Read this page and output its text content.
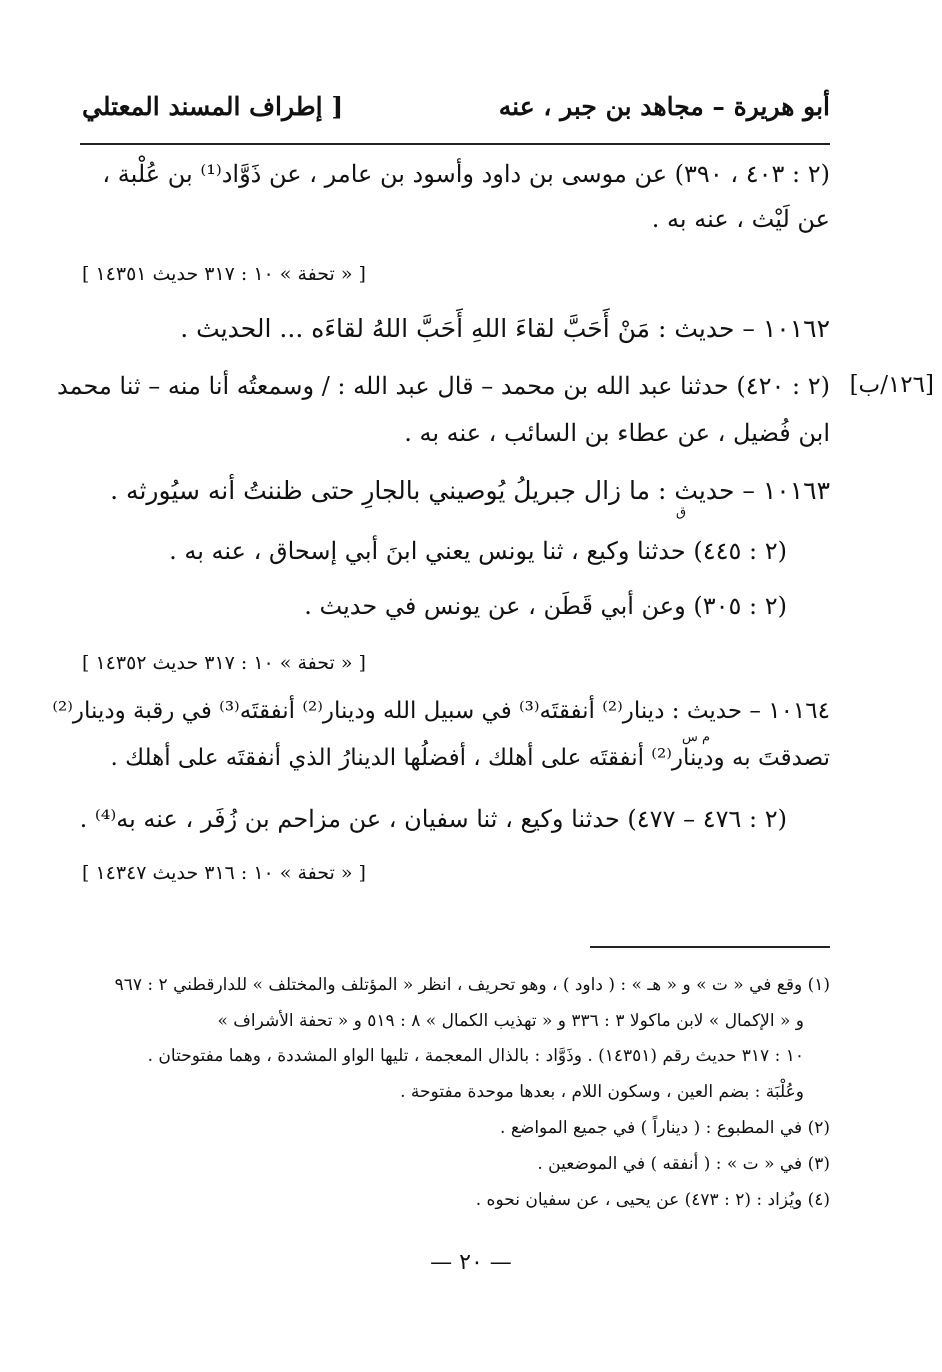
أبو هريرة – مجاهد بن جبر ، عنه
[ إطراف المسند المعتلي
[١٢٦/ب]
(٢ : ٤٠٣ ، ٣٩٠) عن موسى بن داود وأسود بن عامر ، عن ذَوَّاد⁽¹⁾ بن عُلْبة ،
عن لَيْث ، عنه به .
[ « تحفة » ١٠ : ٣١٧ حديث ١٤٣٥١ ]
١٠١٦٢ – حديث : مَنْ أَحَبَّ لقاءَ اللهِ أَحَبَّ اللهُ لقاءَه ... الحديث .
(٢ : ٤٢٠) حدثنا عبد الله بن محمد – قال عبد الله : / وسمعتُه أنا منه – ثنا محمد
ابن فُضيل ، عن عطاء بن السائب ، عنه به .
١٠١٦٣ – حديث : ما زال جبريلُ يُوصيني بالجارِ حتى ظننتُ أنه سيُورثه .
ق
(٢ : ٤٤٥) حدثنا وكيع ، ثنا يونس يعني ابنَ أبي إسحاق ، عنه به .
(٢ : ٣٠٥) وعن أبي قَطَن ، عن يونس في حديث .
[ « تحفة » ١٠ : ٣١٧ حديث ١٤٣٥٢ ]
١٠١٦٤ – حديث : دينار⁽²⁾ أنفقتَه⁽³⁾ في سبيل الله ودينار⁽²⁾ أنفقتَه⁽³⁾ في رقبة ودينار⁽²⁾
م س
تصدقتَ به ودينار⁽²⁾ أنفقتَه على أهلك ، أفضلُها الدينارُ الذي أنفقتَه على أهلك .
(٢ : ٤٧٦ – ٤٧٧) حدثنا وكيع ، ثنا سفيان ، عن مزاحم بن زُفَر ، عنه به⁽⁴⁾ .
[ « تحفة » ١٠ : ٣١٦ حديث ١٤٣٤٧ ]
(١) وقع في « ت » و « هـ » : ( داود ) ، وهو تحريف ، انظر « المؤتلف والمختلف » للدارقطني ٢ : ٩٦٧
و « الإكمال » لابن ماكولا ٣ : ٣٣٦ و « تهذيب الكمال » ٨ : ٥١٩ و « تحفة الأشراف »
١٠ : ٣١٧ حديث رقم (١٤٣٥١) . وذَوَّاد : بالذال المعجمة ، تليها الواو المشددة ، وهما مفتوحتان .
وعُلْبَة : بضم العين ، وسكون اللام ، بعدها موحدة مفتوحة .
(٢) في المطبوع : ( ديناراً ) في جميع المواضع .
(٣) في « ت » : ( أنفقه ) في الموضعين .
(٤) ويُزاد : (٢ : ٤٧٣) عن يحيى ، عن سفيان نحوه .
— ٢٠ —
